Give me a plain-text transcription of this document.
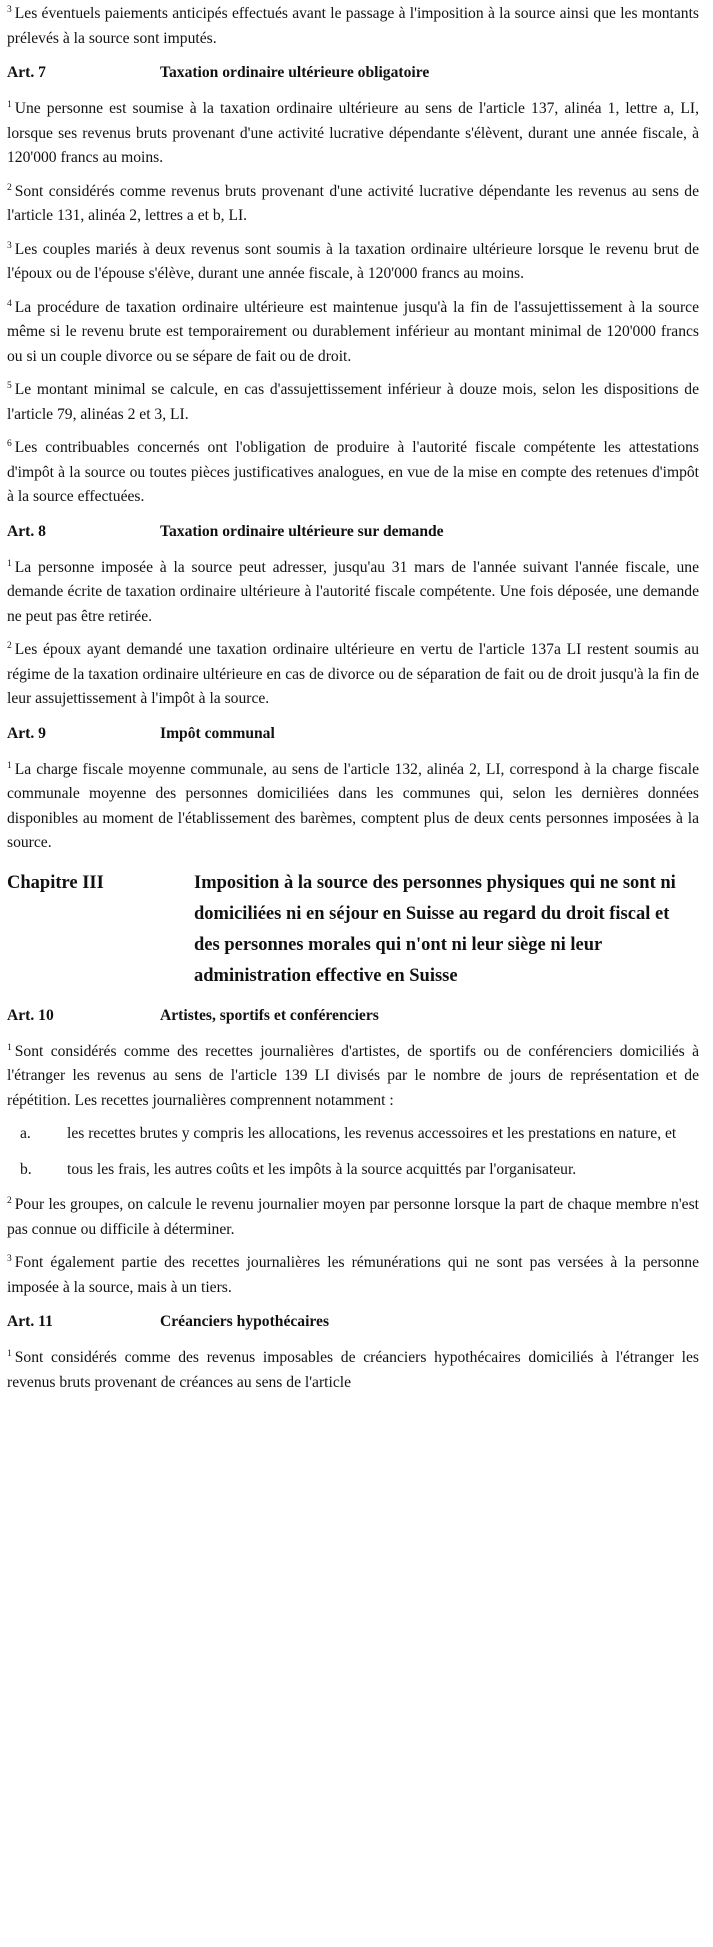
$^3$ Les éventuels paiements anticipés effectués avant le passage à l'imposition à la source ainsi que les montants prélevés à la source sont imputés.

Art. 7	Taxation ordinaire ultérieure obligatoire

$^1$ Une personne est soumise à la taxation ordinaire ultérieure au sens de l'article 137, alinéa 1, lettre a, LI, lorsque ses revenus bruts provenant d'une activité lucrative dépendante s'élèvent, durant une année fiscale, à 120'000 francs au moins.

$^2$ Sont considérés comme revenus bruts provenant d'une activité lucrative dépendante les revenus au sens de l'article 131, alinéa 2, lettres a et b, LI.

$^3$ Les couples mariés à deux revenus sont soumis à la taxation ordinaire ultérieure lorsque le revenu brut de l'époux ou de l'épouse s'élève, durant une année fiscale, à 120'000 francs au moins.

$^4$ La procédure de taxation ordinaire ultérieure est maintenue jusqu'à la fin de l'assujettissement à la source même si le revenu brute est temporairement ou durablement inférieur au montant minimal de 120'000 francs ou si un couple divorce ou se sépare de fait ou de droit.

$^5$ Le montant minimal se calcule, en cas d'assujettissement inférieur à douze mois, selon les dispositions de l'article 79, alinéas 2 et 3, LI.

$^6$ Les contribuables concernés ont l'obligation de produire à l'autorité fiscale compétente les attestations d'impôt à la source ou toutes pièces justificatives analogues, en vue de la mise en compte des retenues d'impôt à la source effectuées.

Art. 8	Taxation ordinaire ultérieure sur demande

$^1$ La personne imposée à la source peut adresser, jusqu'au 31 mars de l'année suivant l'année fiscale, une demande écrite de taxation ordinaire ultérieure à l'autorité fiscale compétente. Une fois déposée, une demande ne peut pas être retirée.

$^2$ Les époux ayant demandé une taxation ordinaire ultérieure en vertu de l'article 137a LI restent soumis au régime de la taxation ordinaire ultérieure en cas de divorce ou de séparation de fait ou de droit jusqu'à la fin de leur assujettissement à l'impôt à la source.

Art. 9	Impôt communal

$^1$ La charge fiscale moyenne communale, au sens de l'article 132, alinéa 2, LI, correspond à la charge fiscale communale moyenne des personnes domiciliées dans les communes qui, selon les dernières données disponibles au moment de l'établissement des barèmes, comptent plus de deux cents personnes imposées à la source.

Chapitre III	Imposition à la source des personnes physiques qui ne sont ni domiciliées ni en séjour en Suisse au regard du droit fiscal et des personnes morales qui n'ont ni leur siège ni leur administration effective en Suisse
Art. 10	Artistes, sportifs et conférenciers

$^1$ Sont considérés comme des recettes journalières d'artistes, de sportifs ou de conférenciers domiciliés à l'étranger les revenus au sens de l'article 139 LI divisés par le nombre de jours de représentation et de répétition. Les recettes journalières comprennent notamment :

a.	les recettes brutes y compris les allocations, les revenus accessoires et les prestations en nature, et
b.	tous les frais, les autres coûts et les impôts à la source acquittés par l'organisateur.

$^2$ Pour les groupes, on calcule le revenu journalier moyen par personne lorsque la part de chaque membre n'est pas connue ou difficile à déterminer.

$^3$ Font également partie des recettes journalières les rémunérations qui ne sont pas versées à la personne imposée à la source, mais à un tiers.

Art. 11	Créanciers hypothécaires

$^1$ Sont considérés comme des revenus imposables de créanciers hypothécaires domiciliés à l'étranger les revenus bruts provenant de créances au sens de l'article
